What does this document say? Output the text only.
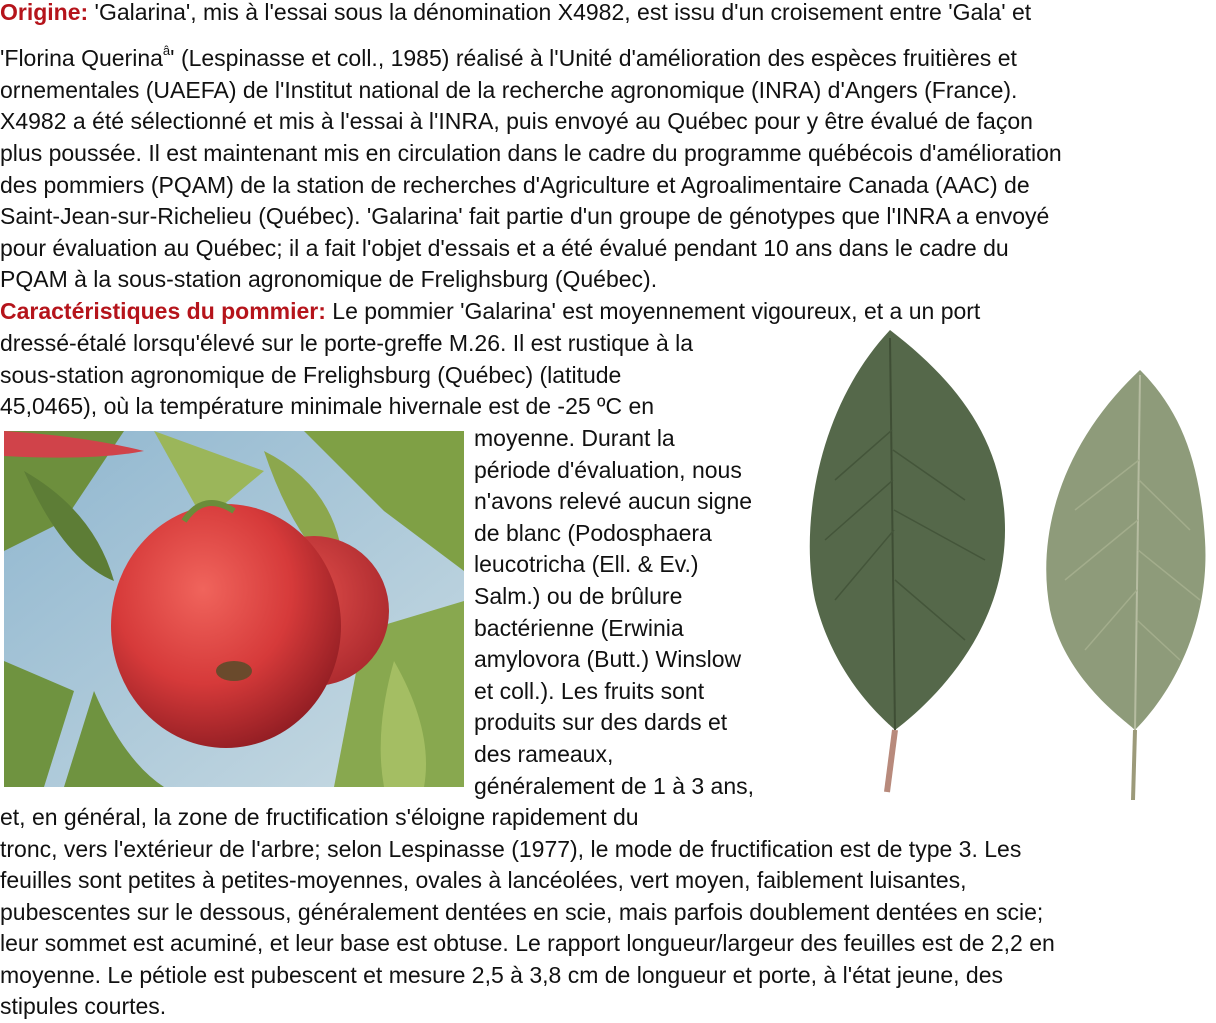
Origine: 'Galarina', mis à l'essai sous la dénomination X4982, est issu d'un croisement entre 'Gala' et
'Florina Querina$^â$' (Lespinasse et coll., 1985) réalisé à l'Unité d'amélioration des espèces fruitières et
ornementales (UAEFA) de l'Institut national de la recherche agronomique (INRA) d'Angers (France).
X4982 a été sélectionné et mis à l'essai à l'INRA, puis envoyé au Québec pour y être évalué de façon
plus poussée. Il est maintenant mis en circulation dans le cadre du programme québécois d'amélioration
des pommiers (PQAM) de la station de recherches d'Agriculture et Agroalimentaire Canada (AAC) de
Saint-Jean-sur-Richelieu (Québec). 'Galarina' fait partie d'un groupe de génotypes que l'INRA a envoyé
pour évaluation au Québec; il a fait l'objet d'essais et a été évalué pendant 10 ans dans le cadre du
PQAM à la sous-station agronomique de Frelighsburg (Québec).
Caractéristiques du pommier: Le pommier 'Galarina' est moyennement vigoureux, et a un port
dressé-étalé lorsqu'élevé sur le porte-greffe M.26. Il est rustique à la
sous-station agronomique de Frelighsburg (Québec) (latitude
45,0465), où la température minimale hivernale est de -25 ºC en
moyenne. Durant la
période d'évaluation, nous
n'avons relevé aucun signe
de blanc (Podosphaera
leucotricha (Ell. & Ev.)
Salm.) ou de brûlure
bactérienne (Erwinia
amylovora (Butt.) Winslow
et coll.). Les fruits sont
produits sur des dards et
des rameaux,
généralement de 1 à 3 ans,
et, en général, la zone de fructification s'éloigne rapidement du
tronc, vers l'extérieur de l'arbre; selon Lespinasse (1977), le mode de fructification est de type 3. Les
feuilles sont petites à petites-moyennes, ovales à lancéolées, vert moyen, faiblement luisantes,
pubescentes sur le dessous, généralement dentées en scie, mais parfois doublement dentées en scie;
leur sommet est acuminé, et leur base est obtuse. Le rapport longueur/largeur des feuilles est de 2,2 en
moyenne. Le pétiole est pubescent et mesure 2,5 à 3,8 cm de longueur et porte, à l'état jeune, des
stipules courtes.
